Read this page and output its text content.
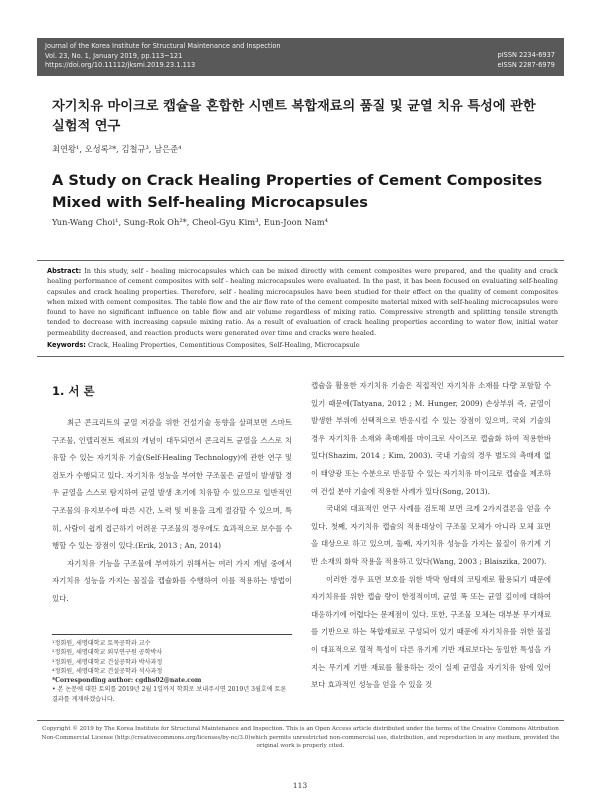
Journal of the Korea Institute for Structural Maintenance and Inspection
Vol. 23, No. 1, January 2019, pp.113~121
https://doi.org/10.11112/jksmi.2019.23.1.113
pISSN 2234-6937
eISSN 2287-6979
자기치유 마이크로 캡슐을 혼합한 시멘트 복합재료의 품질 및 균열 치유 특성에 관한 실험적 연구
최연왕¹, 오성록²*, 김철규³, 남은준⁴
A Study on Crack Healing Properties of Cement Composites Mixed with Self-healing Microcapsules
Yun-Wang Choi¹, Sung-Rok Oh²*, Cheol-Gyu Kim³, Eun-Joon Nam⁴
Abstract: In this study, self - healing microcapsules which can be mixed directly with cement composites were prepared, and the quality and crack healing performance of cement composites with self - healing microcapsules were evaluated. In the past, it has been focused on evaluating self-healing capsules and crack healing properties. Therefore, self - healing microcapsules have been studied for their effect on the quality of cement composites when mixed with cement composites. The table flow and the air flow rate of the cement composite material mixed with self-healing microcapsules were found to have no significant influence on table flow and air volume regardless of mixing ratio. Compressive strength and splitting tensile strength tended to decrease with increasing capsule mixing ratio. As a result of evaluation of crack healing properties according to water flow, initial water permeability decreased, and reaction products were generated over time and cracks were healed.
Keywords: Crack, Healing Properties, Cementitious Composites, Self-Healing, Microcapsule
1. 서 론

최근 콘크리트의 균열 저감을 위한 건설기술 동향을 살펴보면 스마트 구조물, 인텔리전트 재료의 개념이 대두되면서 콘크리트 균열을 스스로 치유할 수 있는 자기치유 기술(Self-Healing Technology)에 관한 연구 및 검토가 수행되고 있다. 자기치유 성능을 부여한 구조물은 균열이 발생할 경우 균열을 스스로 탐지하여 균열 발생 초기에 치유할 수 있으므로 일반적인 구조물의 유지보수에 따른 시간, 노력 및 비용을 크게 절감할 수 있으며, 특히, 사람이 쉽게 접근하기 어려운 구조물의 경우에도 효과적으로 보수를 수행할 수 있는 장점이 있다.(Erik, 2013 ; An, 2014)

자기치유 기능을 구조물에 부여하기 위해서는 여러 가지 개념 중에서 자기치유 성능을 가지는 물질을 캡슐화를 수행하여 이를 적용하는 방법이 있다.

캡슐을 활용한 자기치유 기술은 직접적인 자기치유 소재를 다량 포함할 수 있기 때문에(Tatyana, 2012 ; M. Hunger, 2009) 손상부위 즉, 균열이 발생한 부위에 선택적으로 반응시킬 수 있는 장점이 있으며, 국외 기술의 경우 자기치유 소재와 촉매제를 마이크로 사이즈로 캡슐화 하여 적용한바 있다(Shazim, 2014 ; Kim, 2003). 국내 기술의 경우 별도의 촉매제 없이 태양광 또는 수분으로 반응할 수 있는 자기치유 마이크로 캡슐을 제조하여 건설 분야 기술에 적용한 사례가 있다(Song, 2013).

국내외 대표적인 연구 사례를 검토해 보면 크게 2가지결론을 얻을 수 있다. 첫째, 자기치유 캡슐의 적용대상이 구조물 모체가 아니라 모체 표면을 대상으로 하고 있으며, 둘째, 자기치유 성능을 가지는 물질이 유기계 기반 소재의 화학 작용을 적용하고 있다(Wang, 2003 ; Blaiszika, 2007).

이러한 경우 표면 보호를 위한 박막 형태의 코팅재로 활용되기 때문에 자기치유를 위한 캡슐 량이 한정적이며, 균열 폭 또는 균열 깊이에 대하여 대응하기에 어렵다는 문제점이 있다. 또한, 구조물 모체는 대부분 무기재료를 기반으로 하는 복합재료로 구성되어 있기 때문에 자기치유를 위한 물질이 대표적으로 혈적 특성이 다른 유기계 기반 재료보다는 동일한 특성을 가지는 무기계 기반 재료를 활용하는 것이 실제 균열을 자기치유 함에 있어 보다 효과적인 성능을 얻을 수 있을 것

¹정회원, 세명대학교 토목공학과 교수
²정회원, 세명대학교 외부연구원 공학박사
³정회원, 세명대학교 건설공학과 박사과정
⁴정회원, 세명대학교 건설공학과 석사과정
*Corresponding author: cgdhs02@nate.com
• 본 논문에 대한 토의를 2019년 2월 1일까지 학회로 보내주시면 2019년 3월호에 토론결과를 게재하겠습니다.
Copyright © 2019 by The Korea Institute for Structural Maintenance and Inspection. This is an Open Access article distributed under the terms of the Creative Commons Attribution Non-Commercial License (http://creativecommons.org/licenses/by-nc/3.0)which permits unrestricted non-commercial use, distribution, and reproduction in any medium, provided the original work is properly cited.
113
